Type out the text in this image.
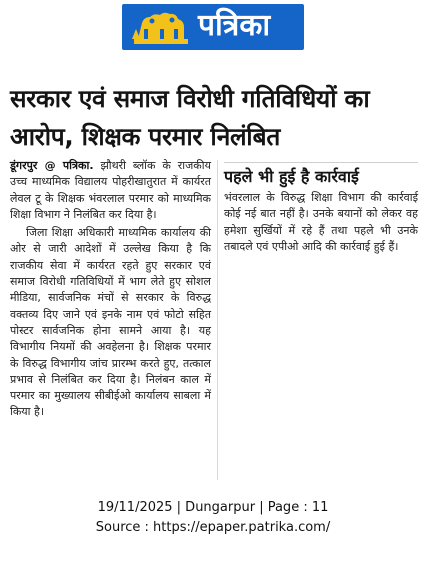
पत्रिका
सरकार एवं समाज विरोधी गतिविधियों का आरोप, शिक्षक परमार निलंबित

डूंगरपुर @ पत्रिका. झौथरी ब्लॉक के राजकीय उच्च माध्यमिक विद्यालय पोहरीखातुरात में कार्यरत लेवल टू के शिक्षक भंवरलाल परमार को माध्यमिक शिक्षा विभाग ने निलंबित कर दिया है।

जिला शिक्षा अधिकारी माध्यमिक कार्यालय की ओर से जारी आदेशों में उल्लेख किया है कि राजकीय सेवा में कार्यरत रहते हुए सरकार एवं समाज विरोधी गतिविधियों में भाग लेते हुए सोशल मीडिया, सार्वजनिक मंचों से सरकार के विरुद्ध वक्तव्य दिए जाने एवं इनके नाम एवं फोटो सहित पोस्टर सार्वजनिक होना सामने आया है। यह विभागीय नियमों की अवहेलना है। शिक्षक परमार के विरुद्ध विभागीय जांच प्रारम्भ करते हुए, तत्काल प्रभाव से निलंबित कर दिया है। निलंबन काल में परमार का मुख्यालय सीबीईओ कार्यालय साबला में किया है।

पहले भी हुई है कार्रवाई

भंवरलाल के विरुद्ध शिक्षा विभाग की कार्रवाई कोई नई बात नहीं है। उनके बयानों को लेकर वह हमेशा सुर्खियों में रहे हैं तथा पहले भी उनके तबादले एवं एपीओ आदि की कार्रवाई हुई हैं।

19/11/2025 | Dungarpur | Page : 11
Source : https://epaper.patrika.com/
